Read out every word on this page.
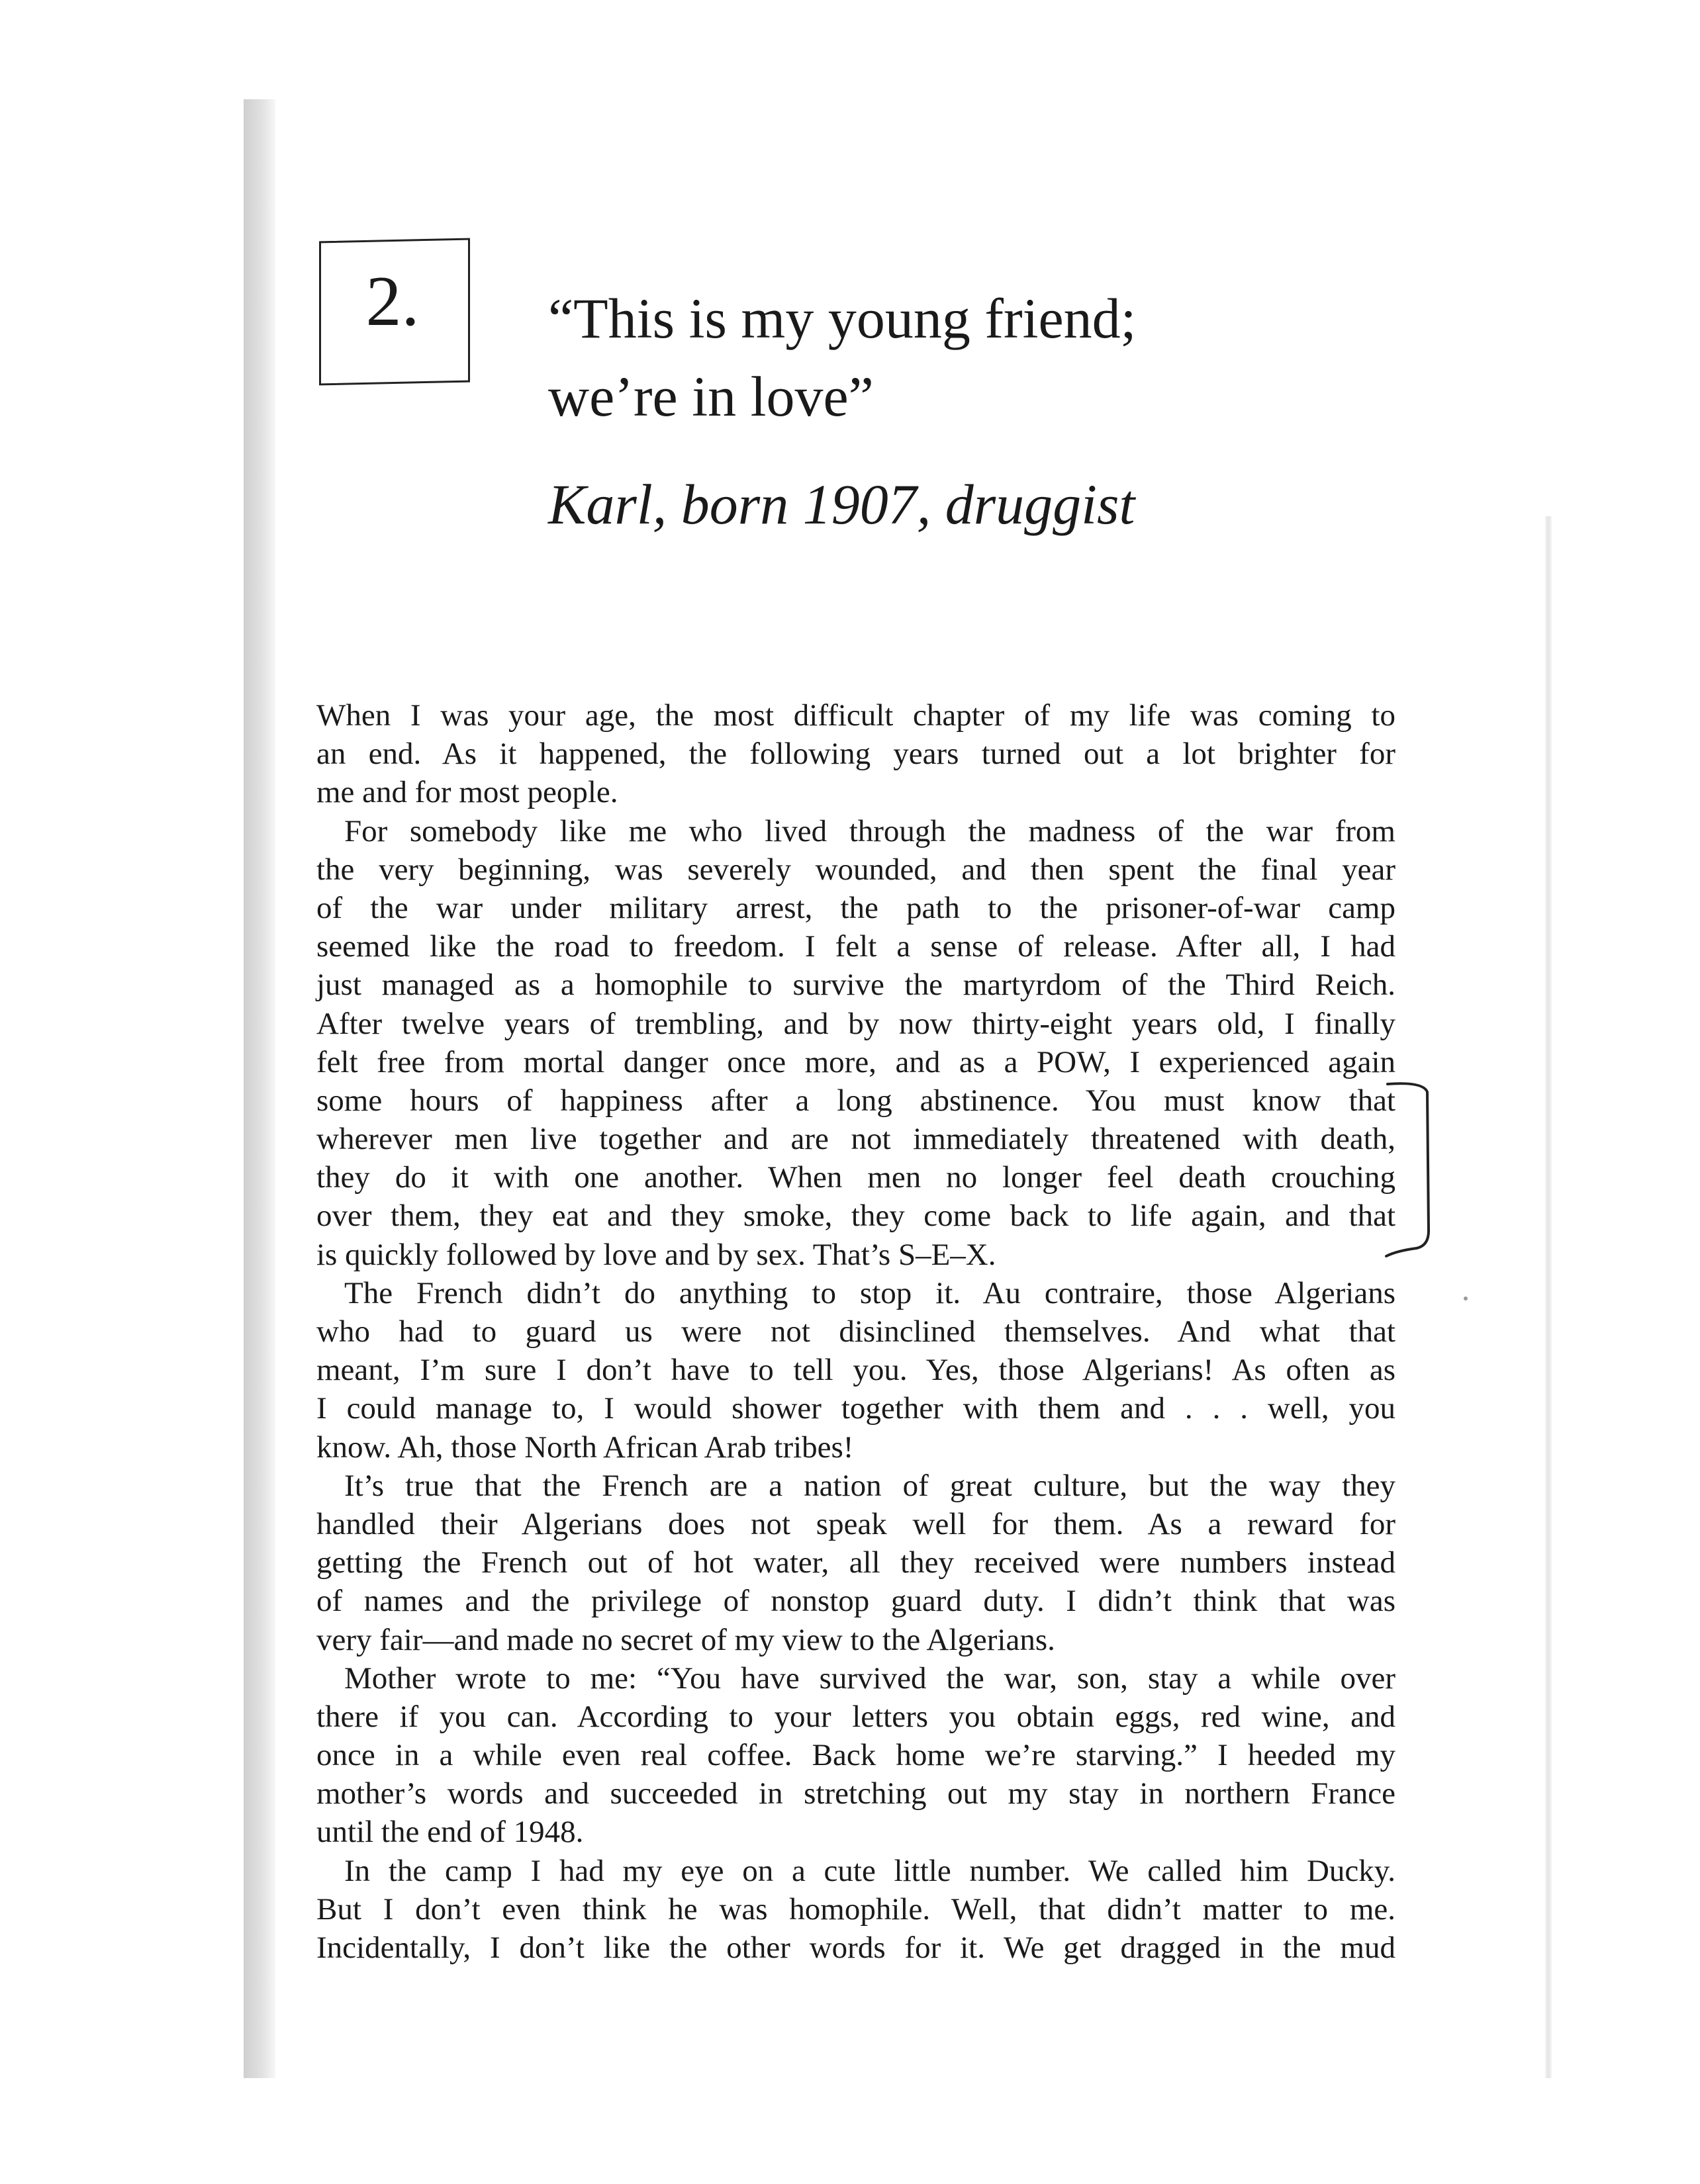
2.	“This is my young friend;
we’re in love”
Karl, born 1907, druggist
When I was your age, the most difficult chapter of my life was coming to
an end. As it happened, the following years turned out a lot brighter for
me and for most people.
For somebody like me who lived through the madness of the war from
the very beginning, was severely wounded, and then spent the final year
of the war under military arrest, the path to the prisoner-of-war camp
seemed like the road to freedom. I felt a sense of release. After all, I had
just managed as a homophile to survive the martyrdom of the Third Reich.
After twelve years of trembling, and by now thirty-eight years old, I finally
felt free from mortal danger once more, and as a POW, I experienced again
some hours of happiness after a long abstinence. You must know that
wherever men live together and are not immediately threatened with death,
they do it with one another. When men no longer feel death crouching
over them, they eat and they smoke, they come back to life again, and that
is quickly followed by love and by sex. That’s S–E–X.
The French didn’t do anything to stop it. Au contraire, those Algerians
who had to guard us were not disinclined themselves. And what that
meant, I’m sure I don’t have to tell you. Yes, those Algerians! As often as
I could manage to, I would shower together with them and . . . well, you
know. Ah, those North African Arab tribes!
It’s true that the French are a nation of great culture, but the way they
handled their Algerians does not speak well for them. As a reward for
getting the French out of hot water, all they received were numbers instead
of names and the privilege of nonstop guard duty. I didn’t think that was
very fair—and made no secret of my view to the Algerians.
Mother wrote to me: “You have survived the war, son, stay a while over
there if you can. According to your letters you obtain eggs, red wine, and
once in a while even real coffee. Back home we’re starving.” I heeded my
mother’s words and succeeded in stretching out my stay in northern France
until the end of 1948.
In the camp I had my eye on a cute little number. We called him Ducky.
But I don’t even think he was homophile. Well, that didn’t matter to me.
Incidentally, I don’t like the other words for it. We get dragged in the mud
